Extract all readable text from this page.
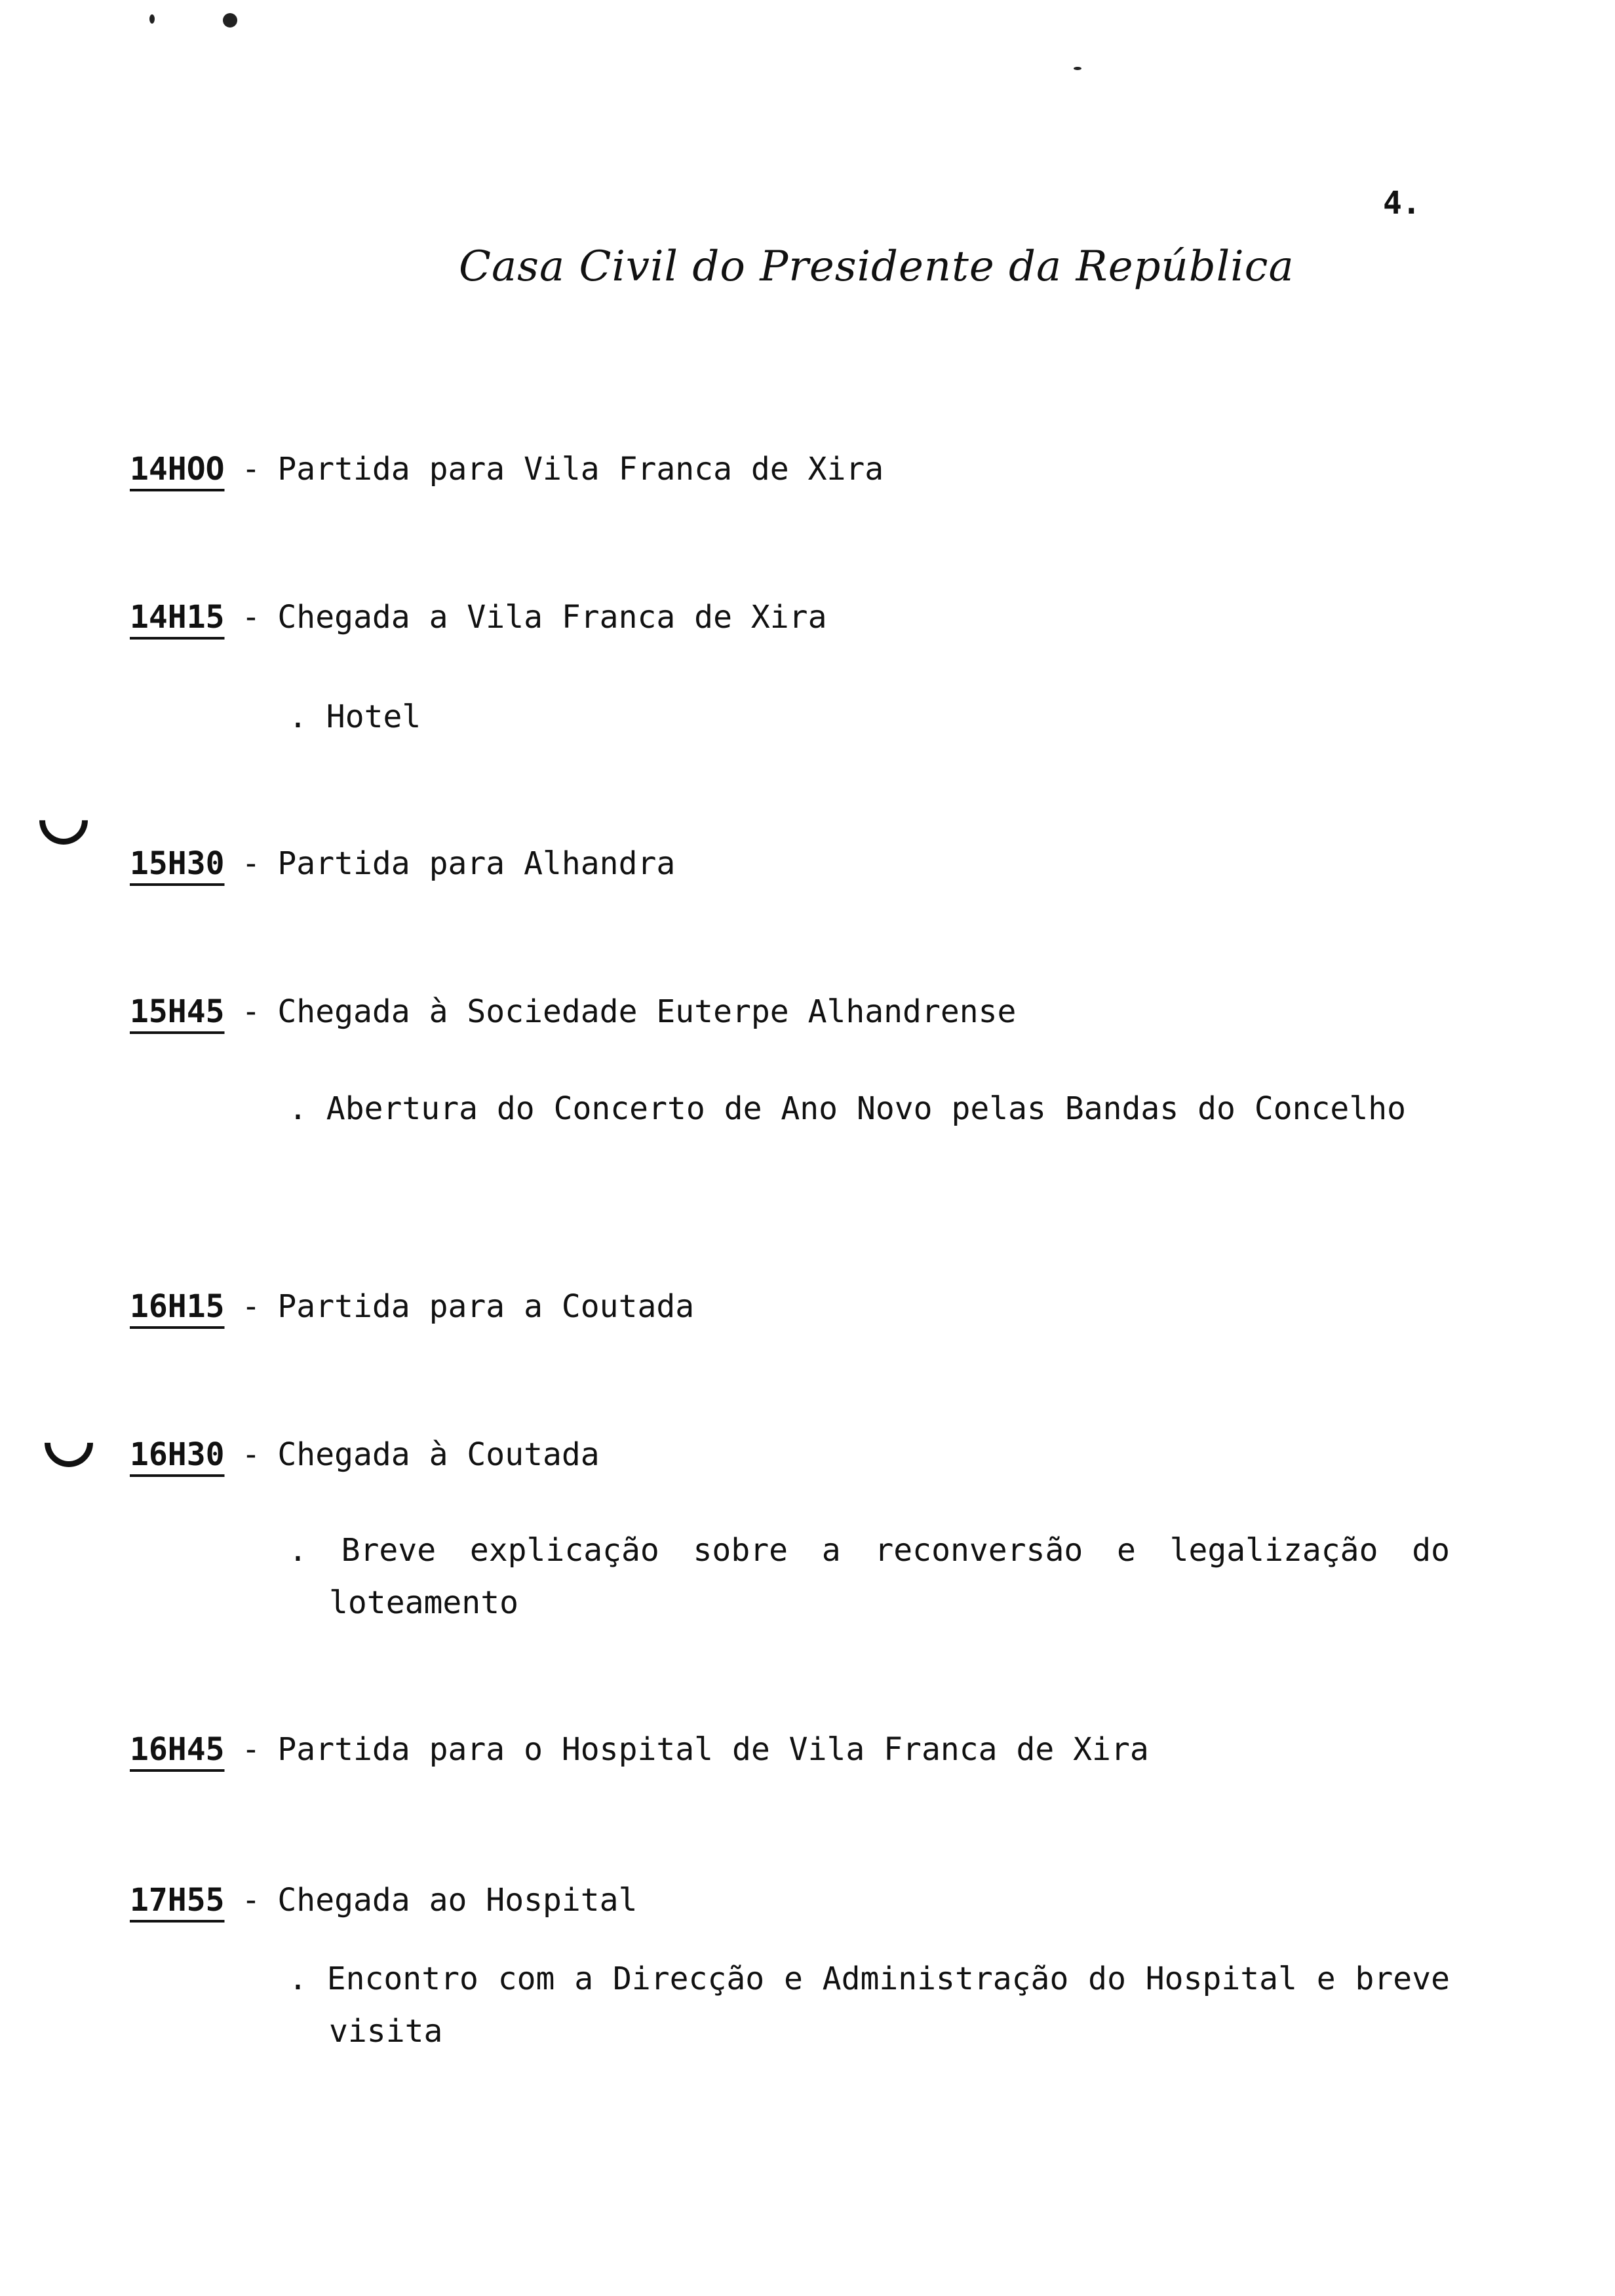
4.
Casa Civil do Presidente da República
14HOO - Partida para Vila Franca de Xira
14H15 - Chegada a Vila Franca de Xira
. Hotel
15H30 - Partida para Alhandra
15H45 - Chegada à Sociedade Euterpe Alhandrense
. Abertura do Concerto de Ano Novo pelas Bandas do Concelho
16H15 - Partida para a Coutada
16H30 - Chegada à Coutada
. Breve explicação sobre a reconversão e legalização do loteamento
16H45 - Partida para o Hospital de Vila Franca de Xira
17H55 - Chegada ao Hospital
. Encontro com a Direcção e Administração do Hospital e breve visita
